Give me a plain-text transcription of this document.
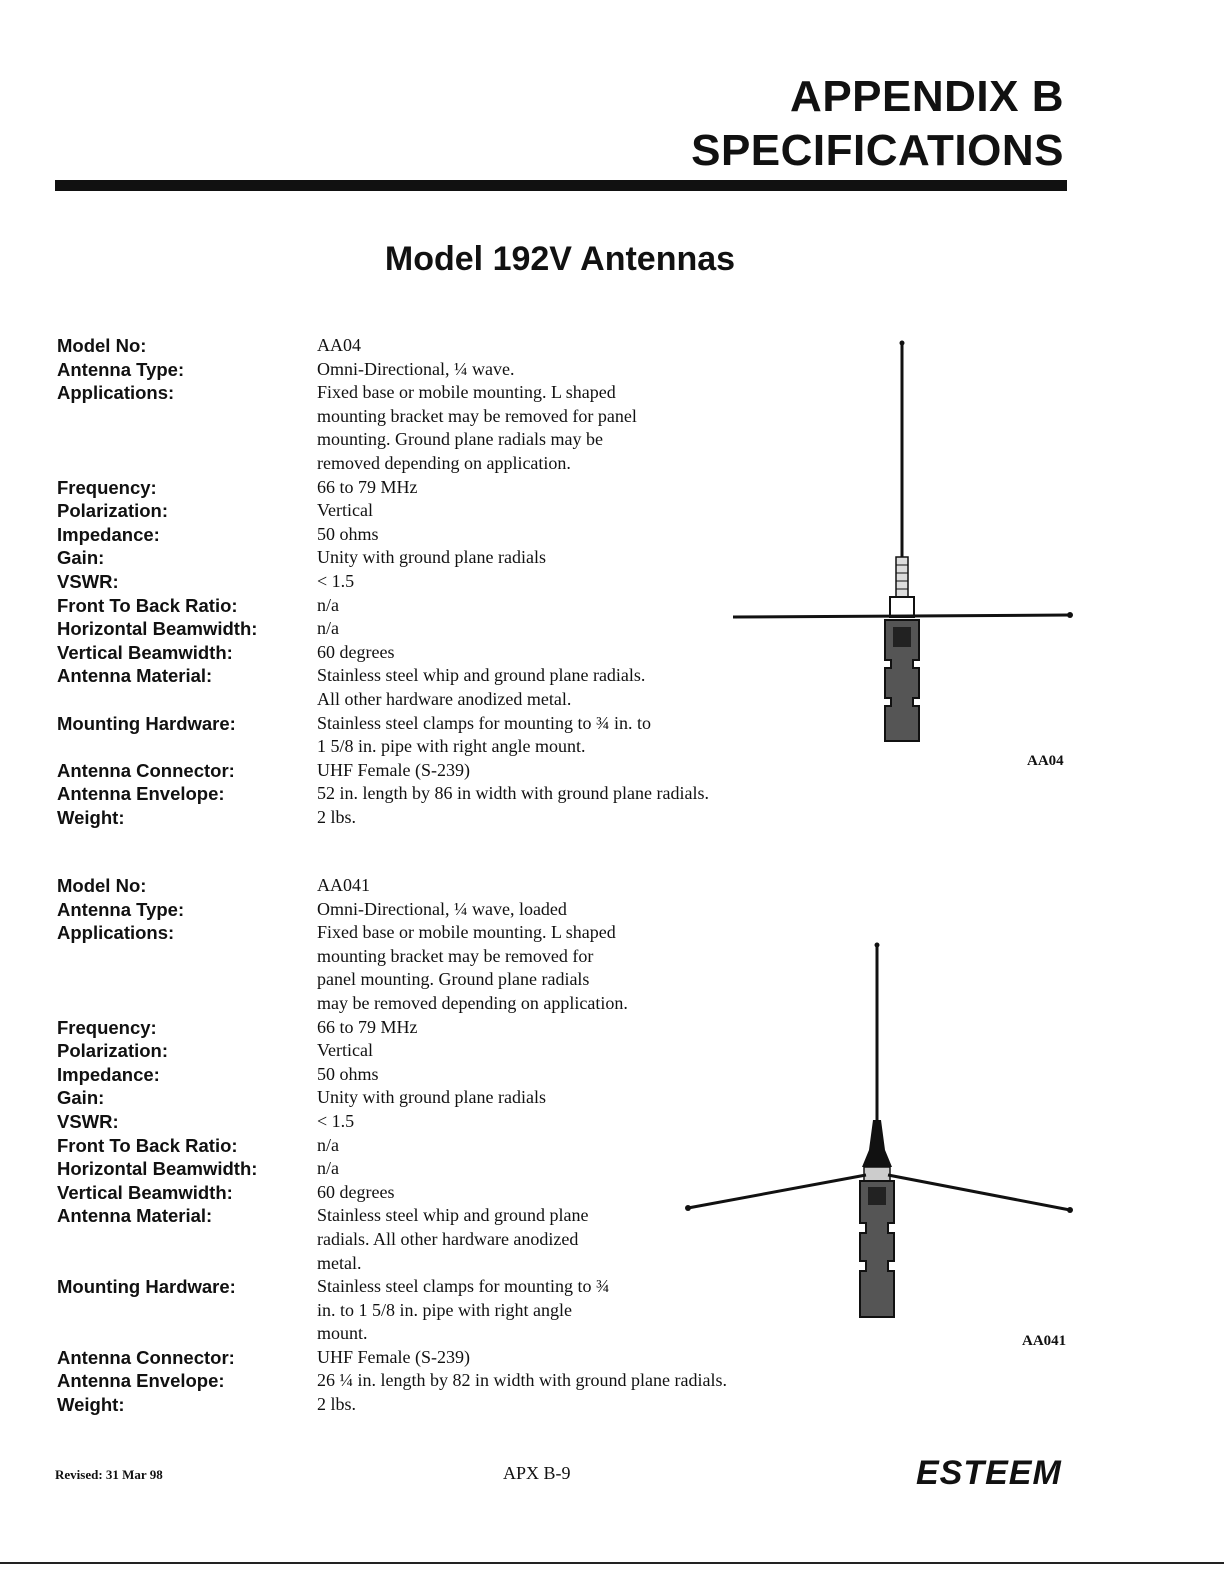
APPENDIX B
SPECIFICATIONS
Model 192V Antennas
Model No:	AA04
Antenna Type:	Omni-Directional, ¼ wave.
Applications:	Fixed base or mobile mounting. L shaped
mounting bracket may be removed for panel
mounting. Ground plane radials may be
removed depending on application.
Frequency:	66 to 79 MHz
Polarization:	Vertical
Impedance:	50 ohms
Gain:	Unity with ground plane radials
VSWR:	< 1.5
Front To Back Ratio:	n/a
Horizontal Beamwidth:	n/a
Vertical Beamwidth:	60 degrees
Antenna Material:	Stainless steel whip and ground plane radials.
All other hardware anodized metal.
Mounting Hardware:	Stainless steel clamps for mounting to ¾ in. to
1 5/8 in. pipe with right angle mount.
Antenna Connector:	UHF Female (S-239)
Antenna Envelope:	52 in. length by 86 in width with ground plane radials.
Weight:	2 lbs.
Model No:	AA041
Antenna Type:	Omni-Directional, ¼ wave, loaded
Applications:	Fixed base or mobile mounting. L shaped
mounting bracket may be removed for
panel mounting. Ground plane radials
may be removed depending on application.
Frequency:	66 to 79 MHz
Polarization:	Vertical
Impedance:	50 ohms
Gain:	Unity with ground plane radials
VSWR:	< 1.5
Front To Back Ratio:	n/a
Horizontal Beamwidth:	n/a
Vertical Beamwidth:	60 degrees
Antenna Material:	Stainless steel whip and ground plane
radials. All other hardware anodized
metal.
Mounting Hardware:	Stainless steel clamps for mounting to ¾
in. to 1 5/8 in. pipe with right angle
mount.
Antenna Connector:	UHF Female (S-239)
Antenna Envelope:	26 ¼ in. length by 82 in width with ground plane radials.
Weight:	2 lbs.
AA04
AA041
Revised: 31 Mar 98	APX B-9	ESTEEM
